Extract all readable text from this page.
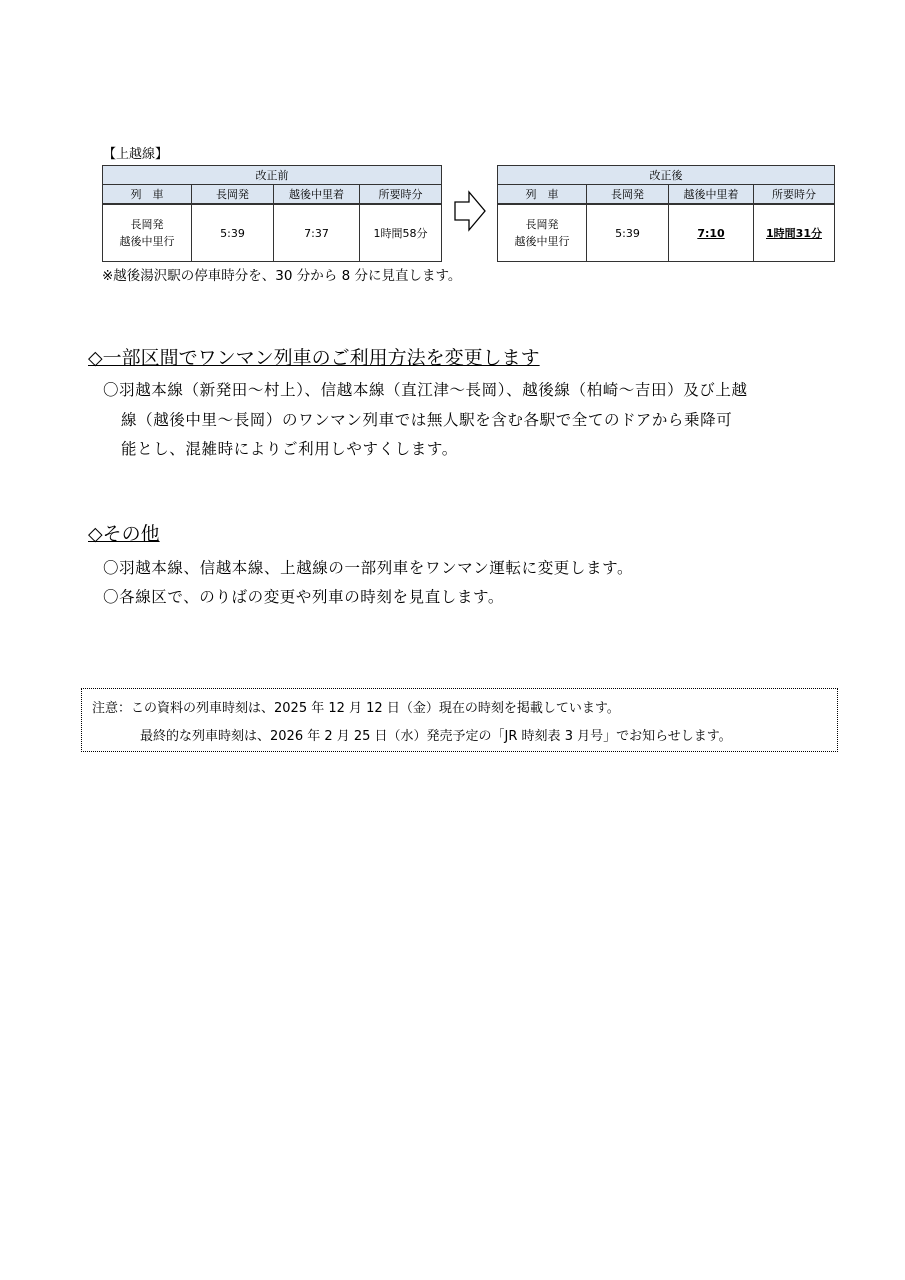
【上越線】
改正前			
列　車	長岡発	越後中里着	所要時分
長岡発
越後中里行	5:39	7:37	1時間58分
改正後			
列　車	長岡発	越後中里着	所要時分
長岡発
越後中里行	5:39	7:10	1時間31分
※越後湯沢駅の停車時分を、30 分から 8 分に見直します。
◇一部区間でワンマン列車のご利用方法を変更します
〇羽越本線（新発田～村上）、信越本線（直江津～長岡）、越後線（柏崎～吉田）及び上越
線（越後中里～長岡）のワンマン列車では無人駅を含む各駅で全てのドアから乗降可
能とし、混雑時によりご利用しやすくします。
◇その他
〇羽越本線、信越本線、上越線の一部列車をワンマン運転に変更します。
〇各線区で、のりばの変更や列車の時刻を見直します。
注意：この資料の列車時刻は、2025 年 12 月 12 日（金）現在の時刻を掲載しています。
最終的な列車時刻は、2026 年 2 月 25 日（水）発売予定の「JR 時刻表 3 月号」でお知らせします。
